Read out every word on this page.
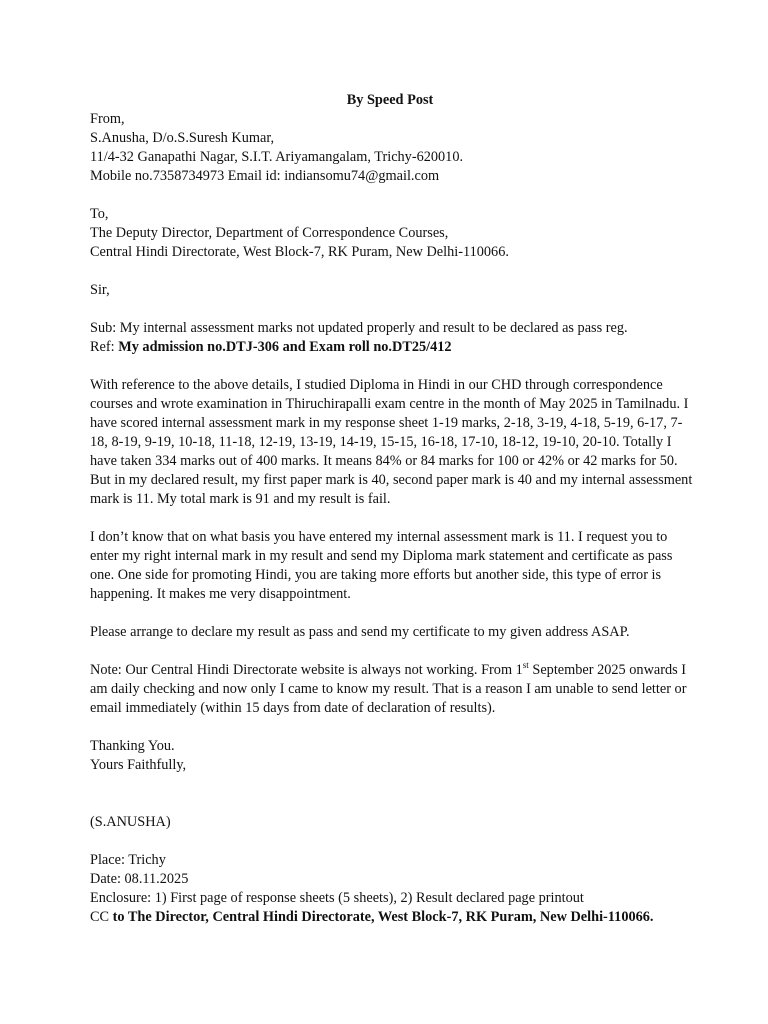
By Speed Post
From,
S.Anusha, D/o.S.Suresh Kumar,
11/4-32 Ganapathi Nagar, S.I.T. Ariyamangalam, Trichy-620010.
Mobile no.7358734973 Email id: indiansomu74@gmail.com
To,
The Deputy Director, Department of Correspondence Courses,
Central Hindi Directorate, West Block-7, RK Puram, New Delhi-110066.
Sir,
Sub: My internal assessment marks not updated properly and result to be declared as pass reg.
Ref: My admission no.DTJ-306 and Exam roll no.DT25/412
With reference to the above details, I studied Diploma in Hindi in our CHD through correspondence
courses and wrote examination in Thiruchirapalli exam centre in the month of May 2025 in Tamilnadu. I
have scored internal assessment mark in my response sheet 1-19 marks, 2-18, 3-19, 4-18, 5-19, 6-17, 7-
18, 8-19, 9-19, 10-18, 11-18, 12-19, 13-19, 14-19, 15-15, 16-18, 17-10, 18-12, 19-10, 20-10. Totally I
have taken 334 marks out of 400 marks. It means 84% or 84 marks for 100 or 42% or 42 marks for 50.
But in my declared result, my first paper mark is 40, second paper mark is 40 and my internal assessment
mark is 11. My total mark is 91 and my result is fail.
I don’t know that on what basis you have entered my internal assessment mark is 11. I request you to
enter my right internal mark in my result and send my Diploma mark statement and certificate as pass
one. One side for promoting Hindi, you are taking more efforts but another side, this type of error is
happening. It makes me very disappointment.
Please arrange to declare my result as pass and send my certificate to my given address ASAP.
Note: Our Central Hindi Directorate website is always not working. From 1st September 2025 onwards I
am daily checking and now only I came to know my result. That is a reason I am unable to send letter or
email immediately (within 15 days from date of declaration of results).
Thanking You.
Yours Faithfully,
(S.ANUSHA)
Place: Trichy
Date: 08.11.2025
Enclosure: 1) First page of response sheets (5 sheets), 2) Result declared page printout
CC to The Director, Central Hindi Directorate, West Block-7, RK Puram, New Delhi-110066.
